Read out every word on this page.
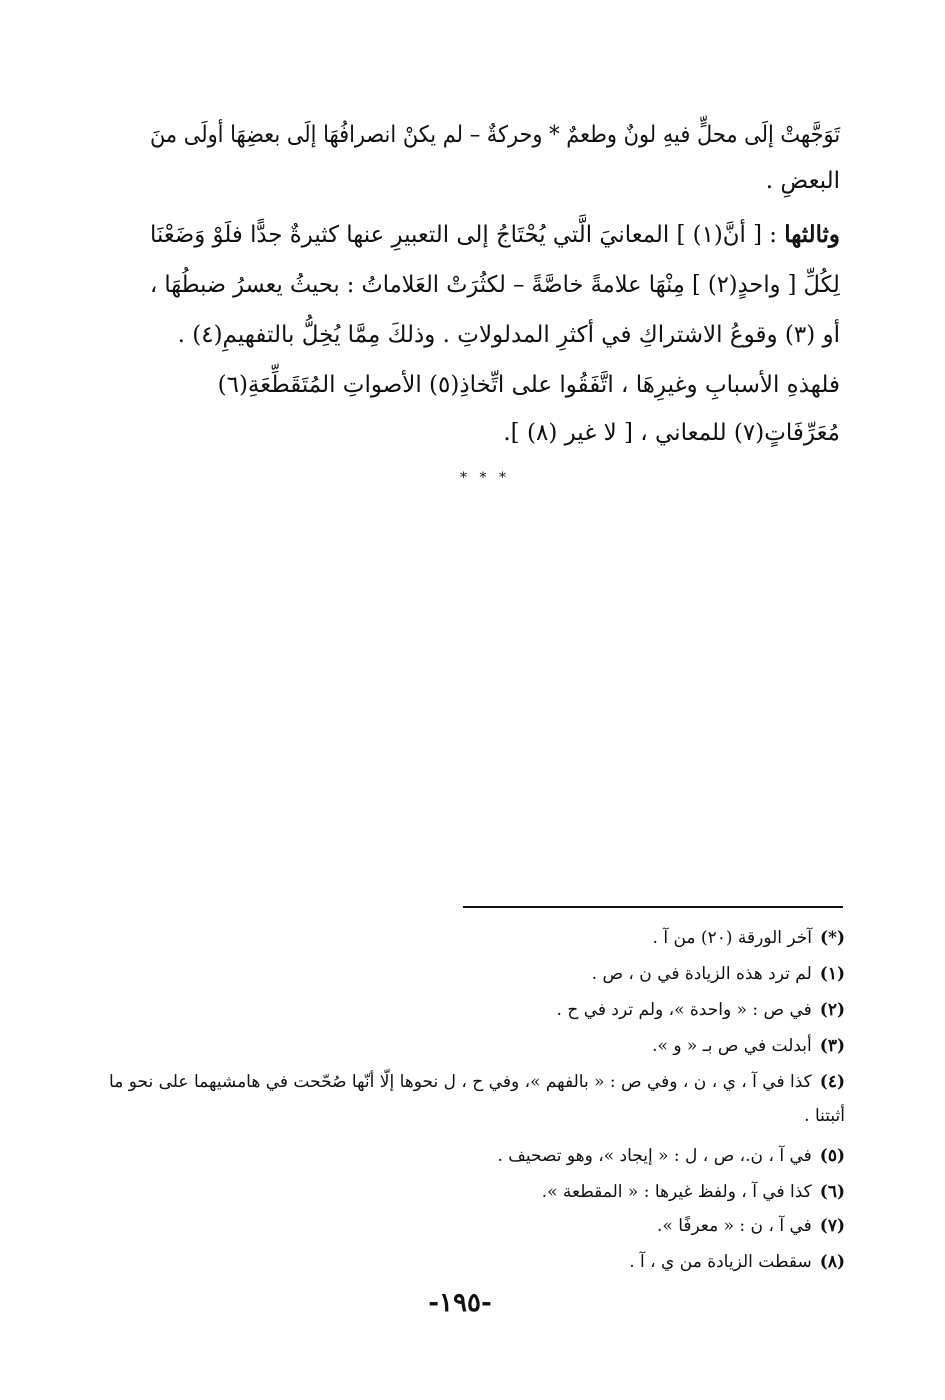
تَوَجَّهتْ إلَى محلٍّ فيهِ لونٌ وطعمٌ * وحركةٌ – لم يكنْ انصرافُهَا إلَى بعضِهَا أولَى منَ
البعضِ .
وثالثها : [ أنَّ(١) ] المعانيَ الَّتي يُحْتَاجُ إلى التعبيرِ عنها كثيرةٌ جدًّا فلَوْ وَضَعْنَا
لِكُلِّ [ واحدٍ(٢) ] مِنْهَا علامةً خاصَّةً – لكثُرَتْ العَلاماتُ : بحيثُ يعسرُ ضبطُهَا ،
أو (٣) وقوعُ الاشتراكِ في أكثرِ المدلولاتِ . وذلكَ مِمَّا يُخِلُّ بالتفهيمِ(٤) .
فلهذهِ الأسبابِ وغيرِهَا ، اتَّفَقُوا على اتِّخاذِ(٥) الأصواتِ المُتَقَطِّعَةِ(٦)
مُعَرِّفَاتٍ(٧) للمعاني ، [ لا غير (٨) ].
* * *
(*)آخر الورقة (٢٠) من آ .
(١)لم ترد هذه الزيادة في ن ، ص .
(٢)في ص : « واحدة »، ولم ترد في ح .
(٣)أبدلت في ص بـ « و ».
(٤)كذا في آ ، ي ، ن ، وفي ص : « بالفهم »، وفي ح ، ل نحوها إلّا أنّها صُحّحت في هامشيهما على نحو ما
أثبتنا .
(٥)في آ ، ن.، ص ، ل : « إيجاد »، وهو تصحيف .
(٦)كذا في آ ، ولفظ غيرها : « المقطعة ».
(٧)في آ ، ن : « معرفًا ».
(٨)سقطت الزيادة من ي ، آ .
-١٩٥-
